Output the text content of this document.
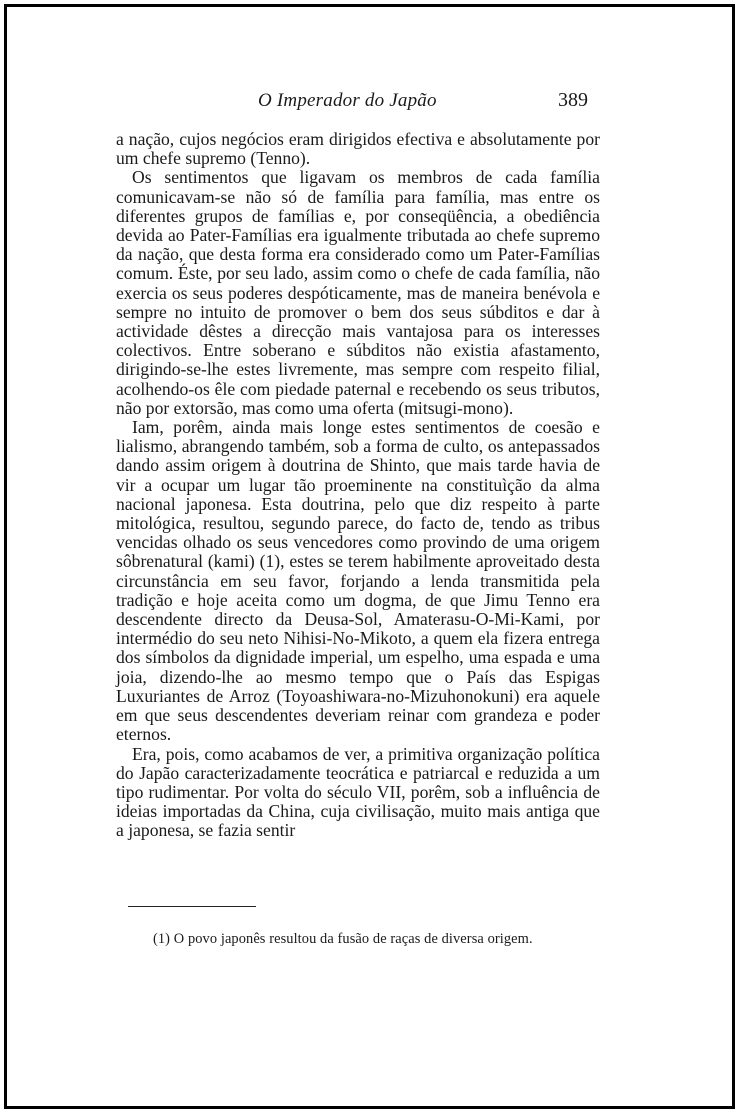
O Imperador do Japão	389

a nação, cujos negócios eram dirigidos efectiva e absolutamente por um chefe supremo (Tenno).

Os sentimentos que ligavam os membros de cada família comunicavam-se não só de família para família, mas entre os diferentes grupos de famílias e, por conseqüência, a obediência devida ao Pater-Famílias era igualmente tributada ao chefe supremo da nação, que desta forma era considerado como um Pater-Famílias comum. Éste, por seu lado, assim como o chefe de cada família, não exercia os seus poderes despóticamente, mas de maneira benévola e sempre no intuito de promover o bem dos seus súbditos e dar à actividade dêstes a direcção mais vantajosa para os interesses colectivos. Entre soberano e súbditos não existia afastamento, dirigindo-se-lhe estes livremente, mas sempre com respeito filial, acolhendo-os êle com piedade paternal e recebendo os seus tributos, não por extorsão, mas como uma oferta (mitsugi-mono).

Iam, porêm, ainda mais longe estes sentimentos de coesão e lialismo, abrangendo também, sob a forma de culto, os antepassados dando assim origem à doutrina de Shinto, que mais tarde havia de vir a ocupar um lugar tão proeminente na constituìção da alma nacional japonesa. Esta doutrina, pelo que diz respeito à parte mitológica, resultou, segundo parece, do facto de, tendo as tribus vencidas olhado os seus vencedores como provindo de uma origem sôbrenatural (kami) (1), estes se terem habilmente aproveitado desta circunstância em seu favor, forjando a lenda transmitida pela tradição e hoje aceita como um dogma, de que Jimu Tenno era descendente directo da Deusa-Sol, Amaterasu-O-Mi-Kami, por intermédio do seu neto Nihisi-No-Mikoto, a quem ela fizera entrega dos símbolos da dignidade imperial, um espelho, uma espada e uma joia, dizendo-lhe ao mesmo tempo que o País das Espigas Luxuriantes de Arroz (Toyoashiwara-no-Mizuhonokuni) era aquele em que seus descendentes deveriam reinar com grandeza e poder eternos.

Era, pois, como acabamos de ver, a primitiva organização política do Japão caracterizadamente teocrática e patriarcal e reduzida a um tipo rudimentar. Por volta do século VII, porêm, sob a influência de ideias importadas da China, cuja civilisação, muito mais antiga que a japonesa, se fazia sentir

(1) O povo japonês resultou da fusão de raças de diversa origem.
